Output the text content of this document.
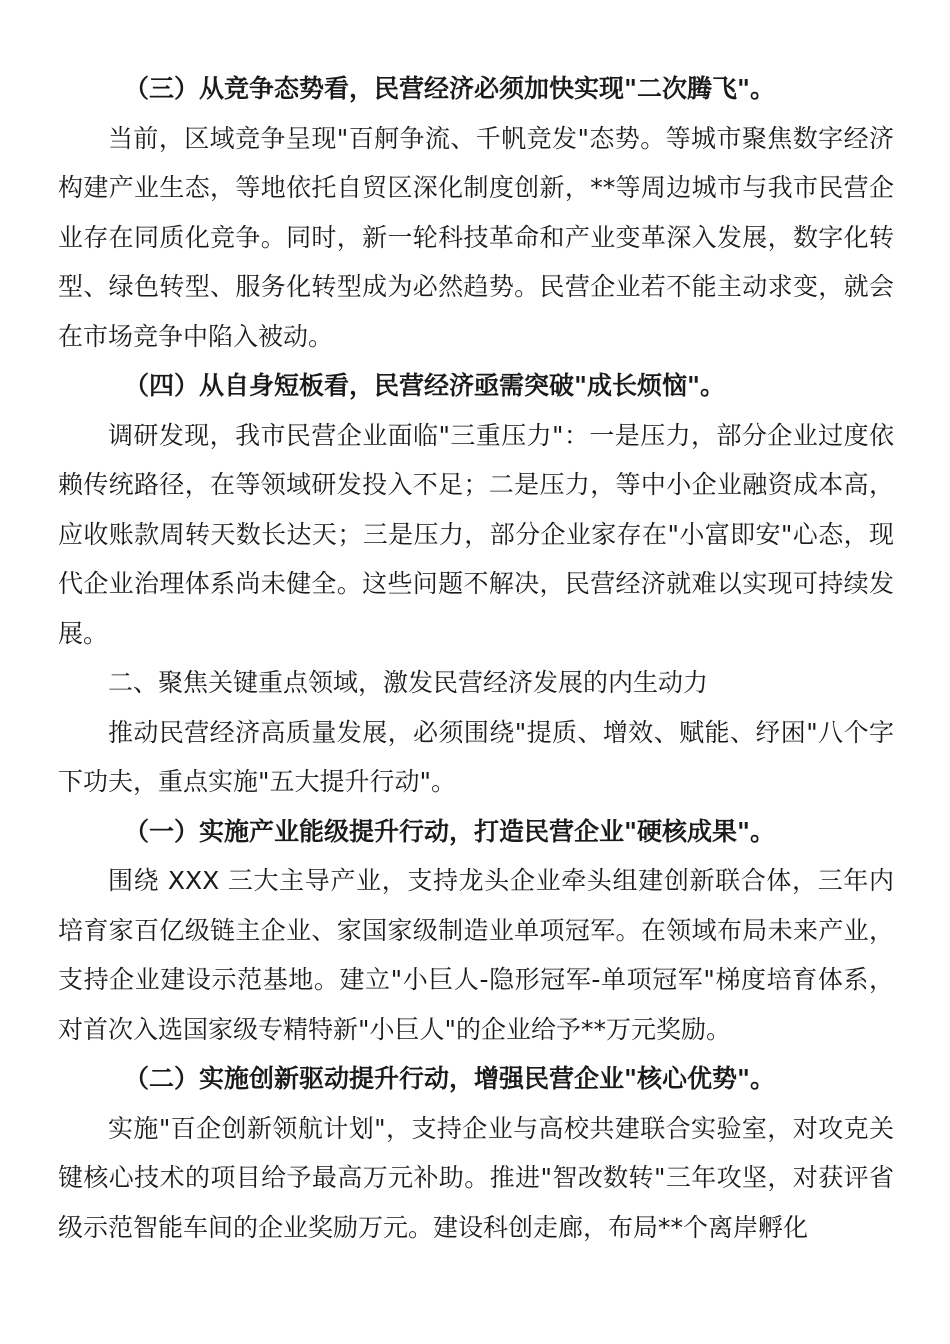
（三）从竞争态势看，民营经济必须加快实现"二次腾飞"。

当前，区域竞争呈现"百舸争流、千帆竞发"态势。等城市聚焦数字经济构建产业生态，等地依托自贸区深化制度创新，**等周边城市与我市民营企业存在同质化竞争。同时，新一轮科技革命和产业变革深入发展，数字化转型、绿色转型、服务化转型成为必然趋势。民营企业若不能主动求变，就会在市场竞争中陷入被动。

（四）从自身短板看，民营经济亟需突破"成长烦恼"。

调研发现，我市民营企业面临"三重压力"：一是压力，部分企业过度依赖传统路径，在等领域研发投入不足；二是压力，等中小企业融资成本高，应收账款周转天数长达天；三是压力，部分企业家存在"小富即安"心态，现代企业治理体系尚未健全。这些问题不解决，民营经济就难以实现可持续发展。

二、聚焦关键重点领域，激发民营经济发展的内生动力

推动民营经济高质量发展，必须围绕"提质、增效、赋能、纾困"八个字下功夫，重点实施"五大提升行动"。

（一）实施产业能级提升行动，打造民营企业"硬核成果"。

围绕 XXX 三大主导产业，支持龙头企业牵头组建创新联合体，三年内培育家百亿级链主企业、家国家级制造业单项冠军。在领域布局未来产业，支持企业建设示范基地。建立"小巨人-隐形冠军-单项冠军"梯度培育体系，对首次入选国家级专精特新"小巨人"的企业给予**万元奖励。

（二）实施创新驱动提升行动，增强民营企业"核心优势"。

实施"百企创新领航计划"，支持企业与高校共建联合实验室，对攻克关键核心技术的项目给予最高万元补助。推进"智改数转"三年攻坚，对获评省级示范智能车间的企业奖励万元。建设科创走廊，布局**个离岸孵化
